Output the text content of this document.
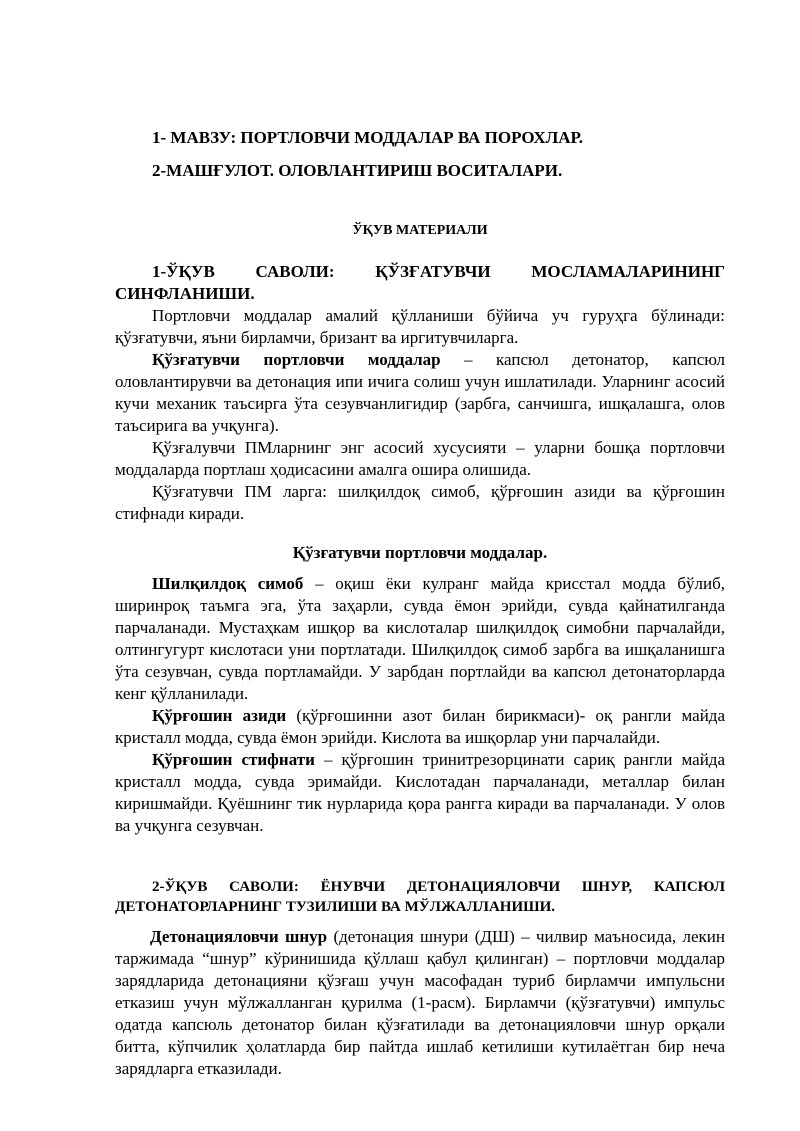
1- МАВЗУ: ПОРТЛОВЧИ МОДДАЛАР ВА ПОРОХЛАР.
2-МАШҒУЛОТ. ОЛОВЛАНТИРИШ ВОСИТАЛАРИ.
ЎҚУВ МАТЕРИАЛИ

1-ЎҚУВ САВОЛИ: ҚЎЗҒАТУВЧИ МОСЛАМАЛАРИНИНГ СИНФЛАНИШИ.

Портловчи моддалар амалий қўлланиши бўйича уч гуруҳга бўлинади: қўзғатувчи, яъни бирламчи, бризант ва иргитувчиларга.

Қўзғатувчи портловчи моддалар – капсюл детонатор, капсюл оловлантирувчи ва детонация ипи ичига солиш учун ишлатилади. Уларнинг асосий кучи механик таъсирга ўта сезувчанлигидир (зарбга, санчишга, ишқалашга, олов таъсирига ва учқунга).

Қўзғалувчи ПМларнинг энг асосий хусусияти – уларни бошқа портловчи моддаларда портлаш ҳодисасини амалга ошира олишида.

Қўзғатувчи ПМ ларга: шилқилдоқ симоб, қўрғошин азиди ва қўрғошин стифнади киради.

Қўзғатувчи портловчи моддалар.

Шилқилдоқ симоб – оқиш ёки кулранг майда крисстал модда бўлиб, ширинроқ таъмга эга, ўта заҳарли, сувда ёмон эрийди, сувда қайнатилганда парчаланади. Мустаҳкам ишқор ва кислоталар шилқилдоқ симобни парчалайди, олтингугурт кислотаси уни портлатади. Шилқилдоқ симоб зарбга ва ишқаланишга ўта сезувчан, сувда портламайди. У зарбдан портлайди ва капсюл детонаторларда кенг қўлланилади.

Қўрғошин азиди (қўрғошинни азот билан бирикмаси)- оқ рангли майда кристалл модда, сувда ёмон эрийди. Кислота ва ишқорлар уни парчалайди.

Қўрғошин стифнати – қўрғошин тринитрезорцинати сариқ рангли майда кристалл модда, сувда эримайди. Кислотадан парчаланади, металлар билан киришмайди. Қуёшнинг тик нурларида қора рангга киради ва парчаланади. У олов ва учқунга сезувчан.

2-ЎҚУВ САВОЛИ: ЁНУВЧИ ДЕТОНАЦИЯЛОВЧИ ШНУР, КАПСЮЛ ДЕТОНАТОРЛАРНИНГ ТУЗИЛИШИ ВА МЎЛЖАЛЛАНИШИ.

Детонацияловчи шнур (детонация шнури (ДШ) – чилвир маъносида, лекин таржимада “шнур” кўринишида қўллаш қабул қилинган) – портловчи моддалар зарядларида детонацияни қўзғаш учун масофадан туриб бирламчи импульсни етказиш учун мўлжалланган қурилма (1-расм). Бирламчи (қўзғатувчи) импульс одатда капсюль детонатор билан қўзғатилади ва детонацияловчи шнур орқали битта, кўпчилик ҳолатларда бир пайтда ишлаб кетилиши кутилаётган бир неча зарядларга етказилади.
